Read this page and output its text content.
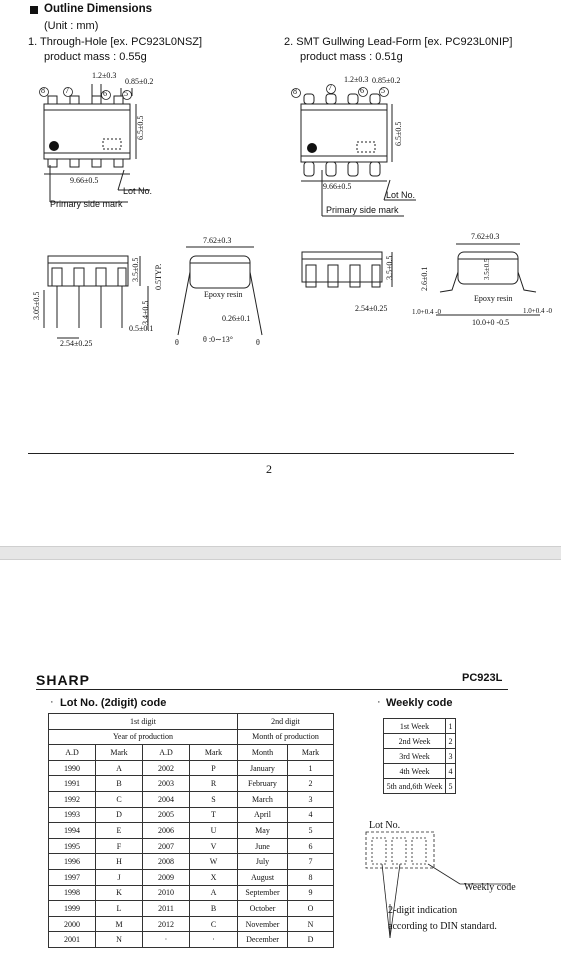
Outline Dimensions
(Unit : mm)
1. Through-Hole [ex. PC923L0NSZ]
product mass : 0.55g
2. SMT Gullwing Lead-Form [ex. PC923L0NIP]
product mass : 0.51g
8	7	6 5	8	7	6 5
1.2±0.3
0.85±0.2
6.5±0.5
9.66±0.5
Lot No.
Primary side mark
7.62±0.3
0.5TYP.
3.5±0.5
3.4±0.5
3.05±0.5
2.54±0.25
0.5±0.1
Epoxy resin
0.26±0.1
θ	θ :0∼13°	θ
1.2±0.3 0.85±0.2
6.5±0.5
9.66±0.5
Lot No.
Primary side mark
7.62±0.3
3.5±0.5
2.54±0.25
2.6±0.1	3.5±0.5
Epoxy resin
1.0+0.4 -0	1.0+0.4 -0
10.0+0 -0.5
2
SHARP	PC923L
· Lot No. (2digit) code	· Weekly code
1st digit				2nd digit	
Year of production				Month of production	
A.D	Mark	A.D	Mark	Month	Mark
1990	A	2002	P	January	1
1991	B	2003	R	February	2
1992	C	2004	S	March	3
1993	D	2005	T	April	4
1994	E	2006	U	May	5
1995	F	2007	V	June	6
1996	H	2008	W	July	7
1997	J	2009	X	August	8
1998	K	2010	A	September	9
1999	L	2011	B	October	O
2000	M	2012	C	November	N
2001	N	·	·	December	D
1st Week	1
2nd Week	2
3rd Week	3
4th Week	4
5th and,6th Week	5
Lot No.
Weekly code
2-digit indication
according to DIN standard.
